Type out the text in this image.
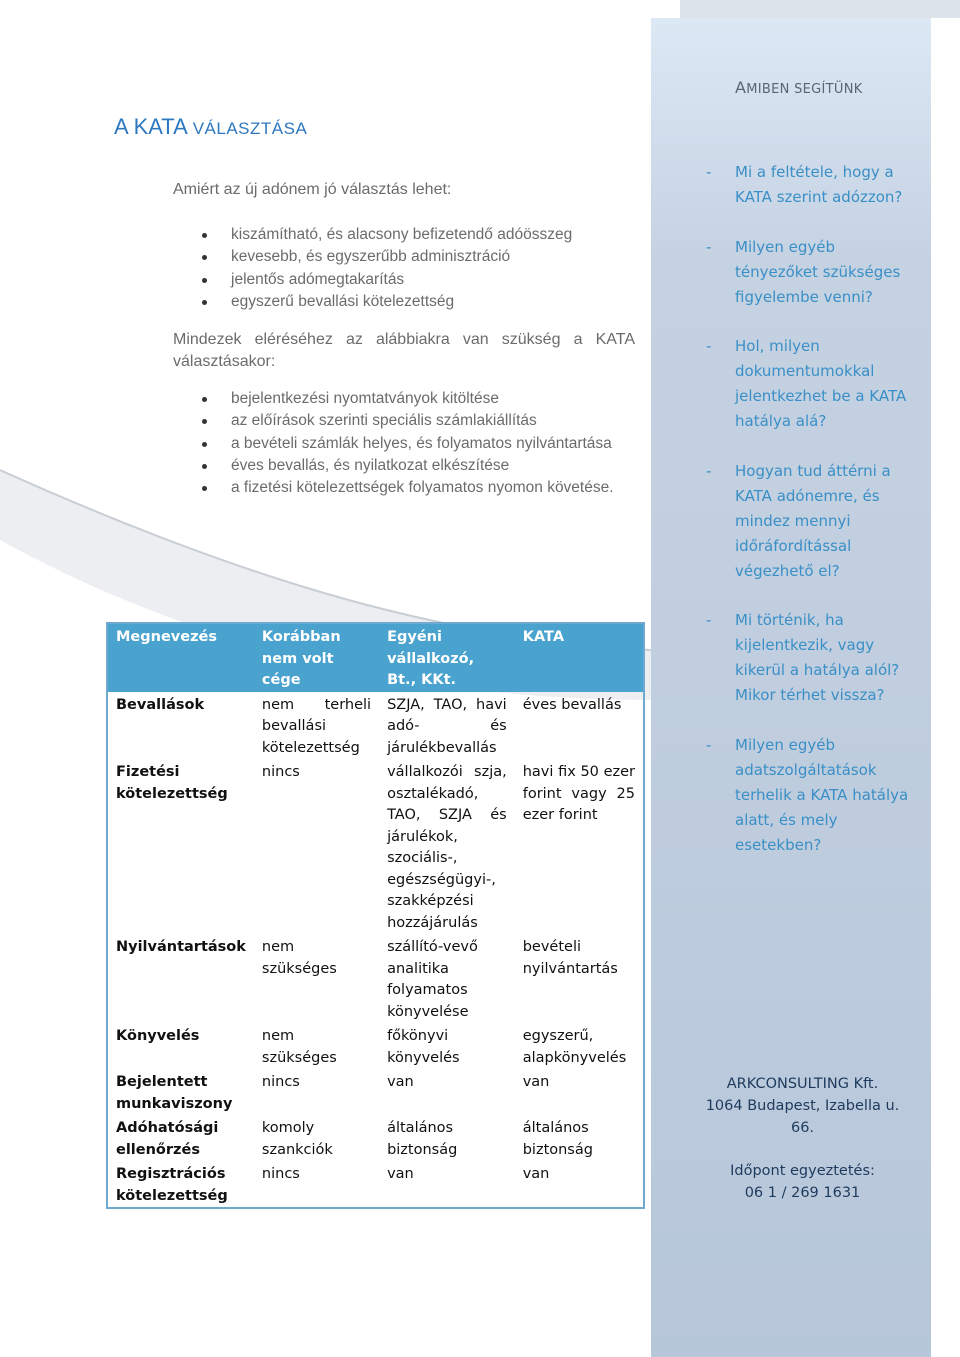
A KATA VÁLASZTÁSA

Amiért az új adónem jó választás lehet:

kiszámítható, és alacsony befizetendő adóösszeg
kevesebb, és egyszerűbb adminisztráció
jelentős adómegtakarítás
egyszerű bevallási kötelezettség

Mindezek eléréséhez az alábbiakra van szükség a KATA
választásakor:

bejelentkezési nyomtatványok kitöltése
az előírások szerinti speciális számlakiállítás
a bevételi számlák helyes, és folyamatos nyilvántartása
éves bevallás, és nyilatkozat elkészítése
a fizetési kötelezettségek folyamatos nyomon követése.
Megnevezés	Korábban nem volt cége	Egyéni vállalkozó, Bt., KKt.	KATA
Bevallások	nem terheli bevallási kötelezettség	SZJA, TAO, havi adó- és járulékbevallás	éves bevallás
Fizetési kötelezettség	nincs	vállalkozói szja, osztalékadó, TAO, SZJA és járulékok, szociális-, egészségügyi-, szakképzési hozzájárulás	havi fix 50 ezer forint vagy 25 ezer forint
Nyilvántartások	nem szükséges	szállító-vevő analitika folyamatos könyvelése	bevételi nyilvántartás
Könyvelés	nem szükséges	főkönyvi könyvelés	egyszerű, alapkönyvelés
Bejelentett munkaviszony	nincs	van	van
Adóhatósági ellenőrzés	komoly szankciók	általános biztonság	általános biztonság
Regisztrációs kötelezettség	nincs	van	van
AMIBEN SEGÍTÜNK
- Mi a feltétele, hogy a KATA szerint adózzon?
- Milyen egyéb tényezőket szükséges figyelembe venni?
- Hol, milyen dokumentumokkal jelentkezhet be a KATA hatálya alá?
- Hogyan tud áttérni a KATA adónemre, és mindez mennyi időráfordítással végezhető el?
- Mi történik, ha kijelentkezik, vagy kikerül a hatálya alól? Mikor térhet vissza?
- Milyen egyéb adatszolgáltatások terhelik a KATA hatálya alatt, és mely esetekben?
ARKCONSULTING Kft.
1064 Budapest, Izabella u.
66.
Időpont egyeztetés:
06 1 / 269 1631
